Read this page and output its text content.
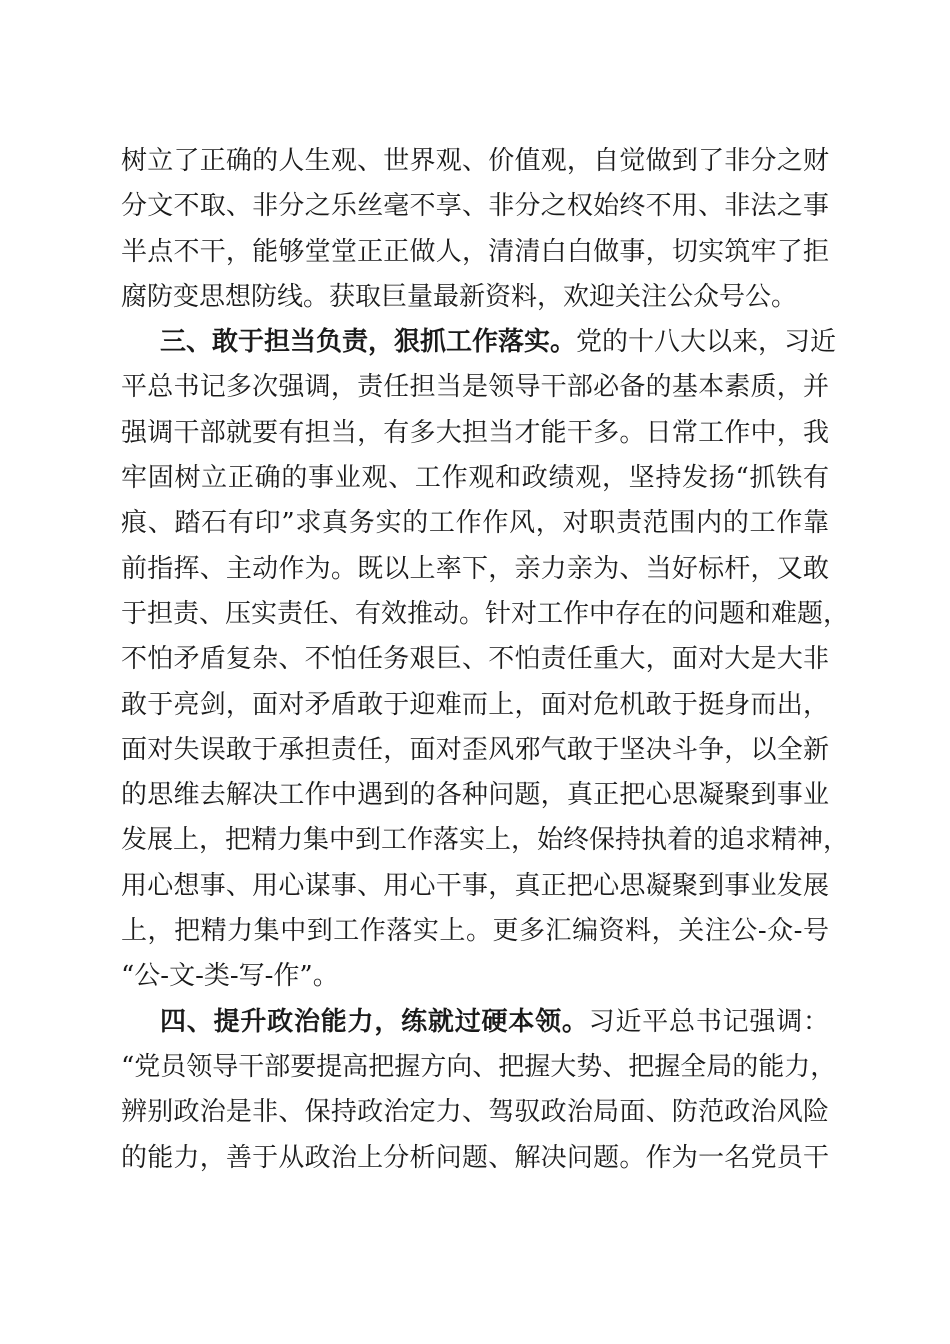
树立了正确的人生观、世界观、价值观，自觉做到了非分之财
分文不取、非分之乐丝毫不享、非分之权始终不用、非法之事
半点不干，能够堂堂正正做人，清清白白做事，切实筑牢了拒
腐防变思想防线。获取巨量最新资料，欢迎关注公众号公。
三、敢于担当负责，狠抓工作落实。党的十八大以来，习近
平总书记多次强调，责任担当是领导干部必备的基本素质，并
强调干部就要有担当，有多大担当才能干多。日常工作中，我
牢固树立正确的事业观、工作观和政绩观，坚持发扬“抓铁有
痕、踏石有印”求真务实的工作作风，对职责范围内的工作靠
前指挥、主动作为。既以上率下，亲力亲为、当好标杆，又敢
于担责、压实责任、有效推动。针对工作中存在的问题和难题，
不怕矛盾复杂、不怕任务艰巨、不怕责任重大，面对大是大非
敢于亮剑，面对矛盾敢于迎难而上，面对危机敢于挺身而出，
面对失误敢于承担责任，面对歪风邪气敢于坚决斗争，以全新
的思维去解决工作中遇到的各种问题，真正把心思凝聚到事业
发展上，把精力集中到工作落实上，始终保持执着的追求精神，
用心想事、用心谋事、用心干事，真正把心思凝聚到事业发展
上，把精力集中到工作落实上。更多汇编资料，关注公-众-号
“公-文-类-写-作”。
四、提升政治能力，练就过硬本领。习近平总书记强调：
“党员领导干部要提高把握方向、把握大势、把握全局的能力，
辨别政治是非、保持政治定力、驾驭政治局面、防范政治风险
的能力，善于从政治上分析问题、解决问题。作为一名党员干
